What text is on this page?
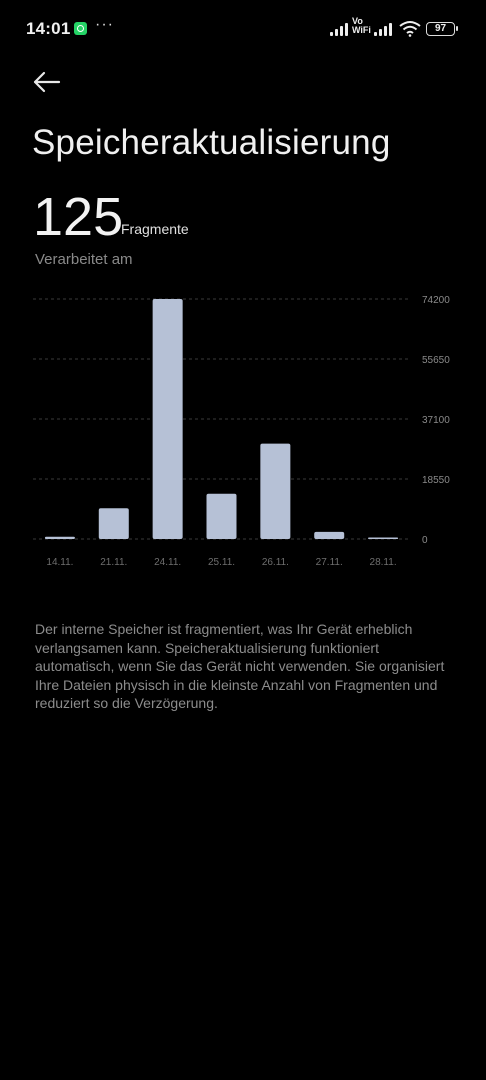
14:01 ···	Vo
WiFi	97
Speicheraktualisierung
125
Fragmente
Verarbeitet am
74200
55650
37100
18550
0
14.11.	21.11.	24.11.	25.11.	26.11.	27.11.	28.11.
Der interne Speicher ist fragmentiert, was Ihr Gerät erheblich verlangsamen kann. Speicheraktualisierung funktioniert automatisch, wenn Sie das Gerät nicht verwenden. Sie organisiert Ihre Dateien physisch in die kleinste Anzahl von Fragmenten und reduziert so die Verzögerung.
